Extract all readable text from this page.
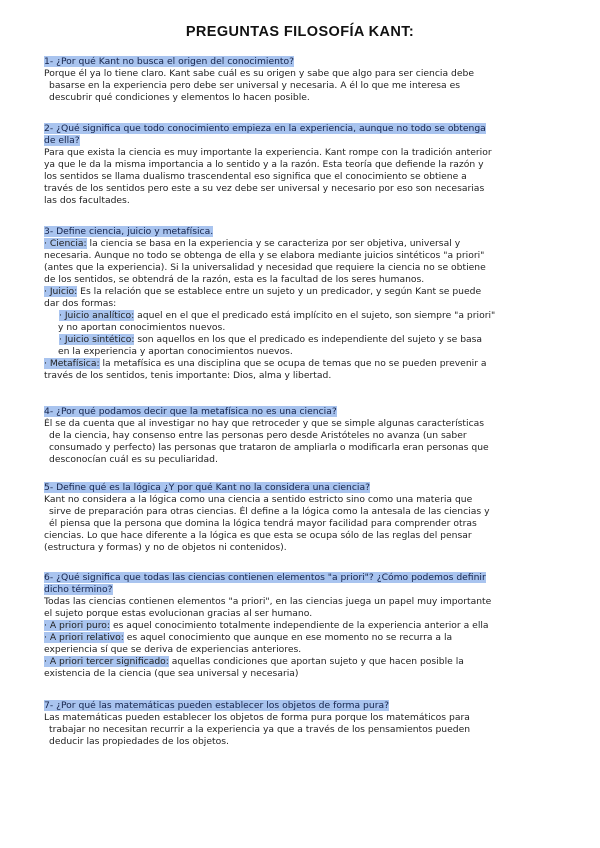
PREGUNTAS FILOSOFÍA KANT:
1- ¿Por qué Kant no busca el origen del conocimiento?
Porque él ya lo tiene claro. Kant sabe cuál es su origen y sabe que algo para ser ciencia debe
basarse en la experiencia pero debe ser universal y necesaria. A él lo que me interesa es
descubrir qué condiciones y elementos lo hacen posible.
2- ¿Qué significa que todo conocimiento empieza en la experiencia, aunque no todo se obtenga
de ella?
Para que exista la ciencia es muy importante la experiencia. Kant rompe con la tradición anterior
ya que le da la misma importancia a lo sentido y a la razón. Esta teoría que defiende la razón y
los sentidos se llama dualismo trascendental eso significa que el conocimiento se obtiene a
través de los sentidos pero este a su vez debe ser universal y necesario por eso son necesarias
las dos facultades.
3- Define ciencia, juicio y metafísica.
· Ciencia: la ciencia se basa en la experiencia y se caracteriza por ser objetiva, universal y
necesaria. Aunque no todo se obtenga de ella y se elabora mediante juicios sintéticos "a priori"
(antes que la experiencia). Si la universalidad y necesidad que requiere la ciencia no se obtiene
de los sentidos, se obtendrá de la razón, esta es la facultad de los seres humanos.
· Juicio: Es la relación que se establece entre un sujeto y un predicador, y según Kant se puede
dar dos formas:
· Juicio analítico: aquel en el que el predicado está implícito en el sujeto, son siempre "a priori"
y no aportan conocimientos nuevos.
· Juicio sintético: son aquellos en los que el predicado es independiente del sujeto y se basa
en la experiencia y aportan conocimientos nuevos.
· Metafísica: la metafísica es una disciplina que se ocupa de temas que no se pueden prevenir a
través de los sentidos, tenis importante: Dios, alma y libertad.
4- ¿Por qué podamos decir que la metafísica no es una ciencia?
Él se da cuenta que al investigar no hay que retroceder y que se simple algunas características
de la ciencia, hay consenso entre las personas pero desde Aristóteles no avanza (un saber
consumado y perfecto) las personas que trataron de ampliarla o modificarla eran personas que
desconocían cuál es su peculiaridad.
5- Define qué es la lógica ¿Y por qué Kant no la considera una ciencia?
Kant no considera a la lógica como una ciencia a sentido estricto sino como una materia que
sirve de preparación para otras ciencias. Él define a la lógica como la antesala de las ciencias y
él piensa que la persona que domina la lógica tendrá mayor facilidad para comprender otras
ciencias. Lo que hace diferente a la lógica es que esta se ocupa sólo de las reglas del pensar
(estructura y formas) y no de objetos ni contenidos).
6- ¿Qué significa que todas las ciencias contienen elementos "a priori"? ¿Cómo podemos definir
dicho término?
Todas las ciencias contienen elementos "a priori", en las ciencias juega un papel muy importante
el sujeto porque estas evolucionan gracias al ser humano.
· A priori puro: es aquel conocimiento totalmente independiente de la experiencia anterior a ella
· A priori relativo: es aquel conocimiento que aunque en ese momento no se recurra a la
experiencia sí que se deriva de experiencias anteriores.
· A priori tercer significado: aquellas condiciones que aportan sujeto y que hacen posible la
existencia de la ciencia (que sea universal y necesaria)
7- ¿Por qué las matemáticas pueden establecer los objetos de forma pura?
Las matemáticas pueden establecer los objetos de forma pura porque los matemáticos para
trabajar no necesitan recurrir a la experiencia ya que a través de los pensamientos pueden
deducir las propiedades de los objetos.
